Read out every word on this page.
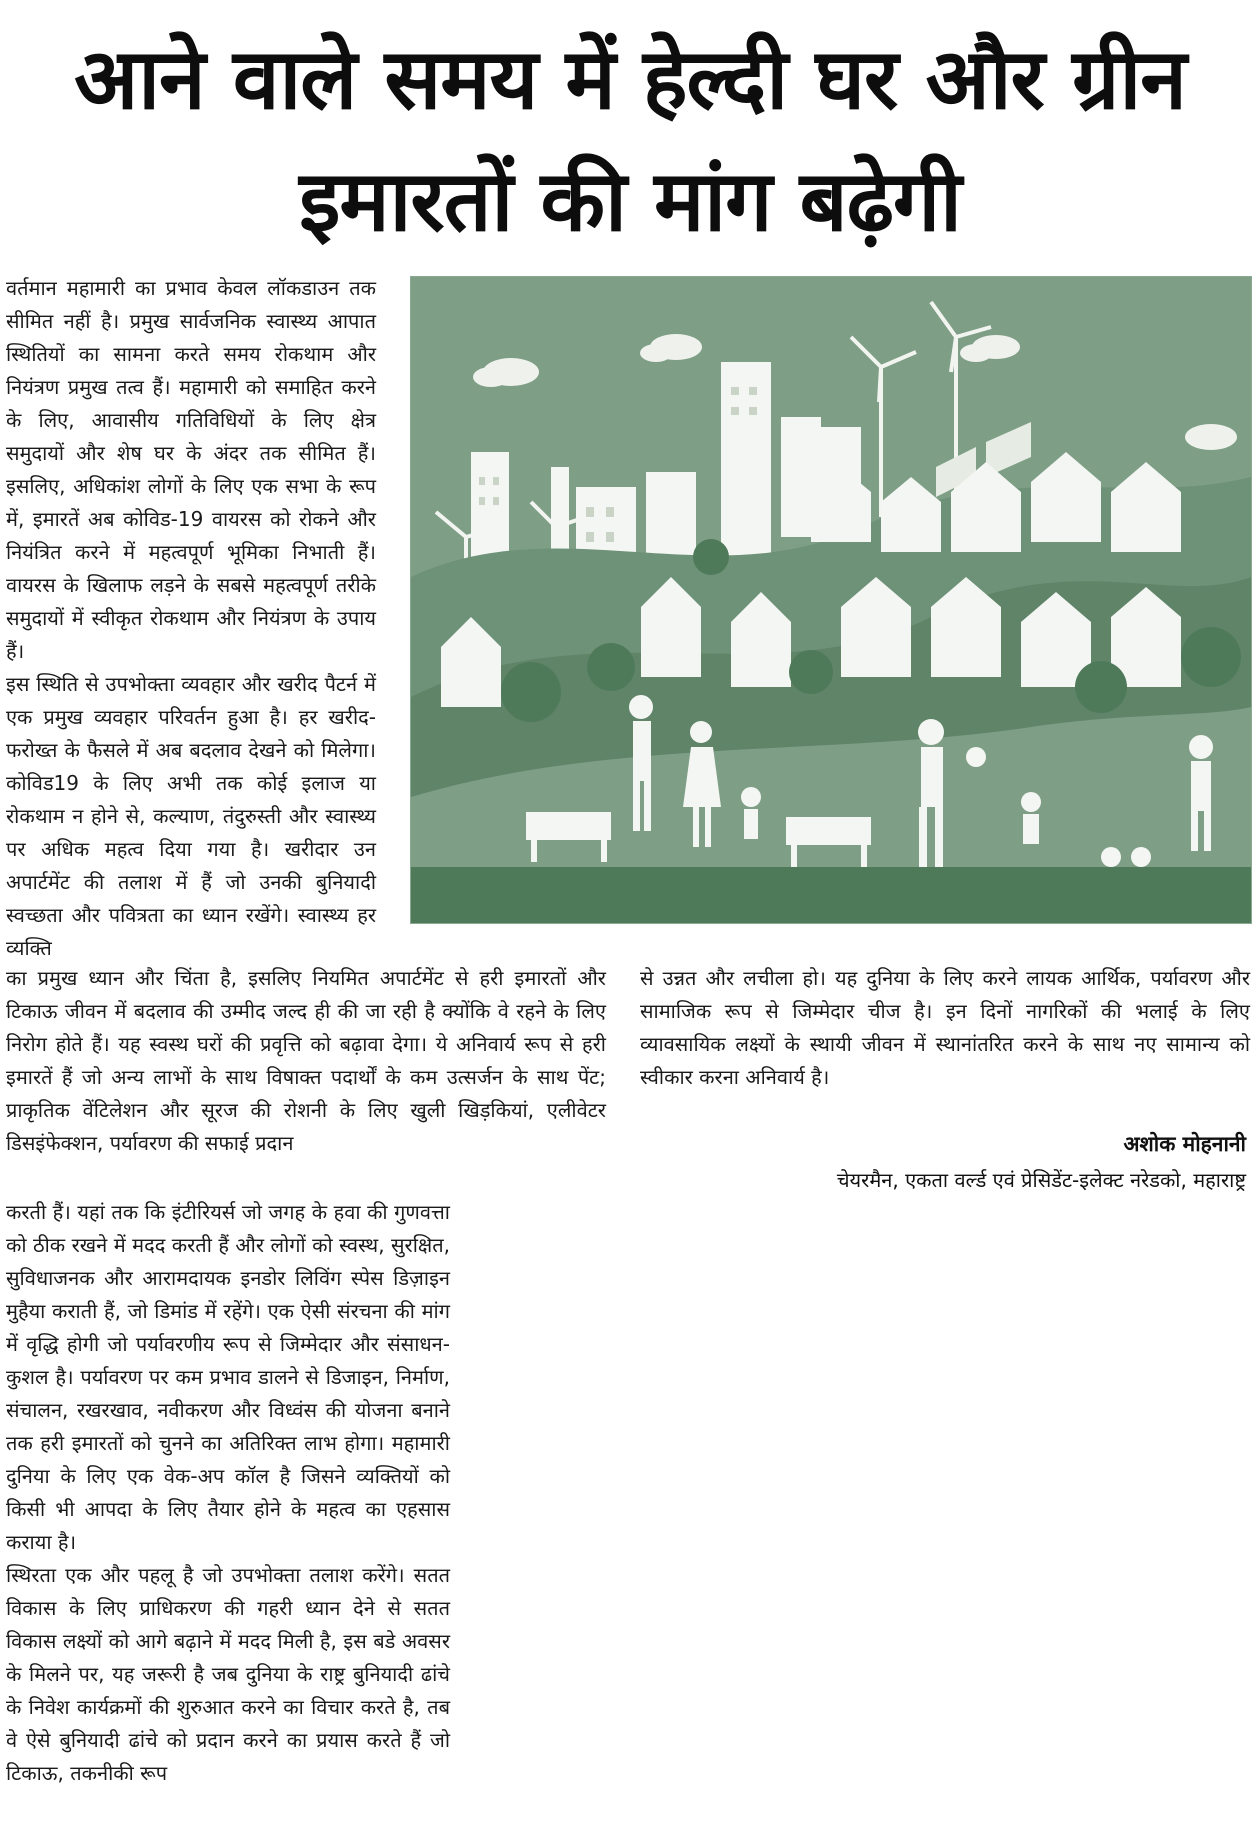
आने वाले समय में हेल्दी घर और ग्रीन
इमारतों की मांग बढ़ेगी

वर्तमान महामारी का प्रभाव केवल लॉकडाउन तक सीमित नहीं है। प्रमुख सार्वजनिक स्वास्थ्य आपात स्थितियों का सामना करते समय रोकथाम और नियंत्रण प्रमुख तत्व हैं। महामारी को समाहित करने के लिए, आवासीय गतिविधियों के लिए क्षेत्र समुदायों और शेष घर के अंदर तक सीमित हैं। इसलिए, अधिकांश लोगों के लिए एक सभा के रूप में, इमारतें अब कोविड-19 वायरस को रोकने और नियंत्रित करने में महत्वपूर्ण भूमिका निभाती हैं। वायरस के खिलाफ लड़ने के सबसे महत्वपूर्ण तरीके समुदायों में स्वीकृत रोकथाम और नियंत्रण के उपाय हैं।

इस स्थिति से उपभोक्ता व्यवहार और खरीद पैटर्न में एक प्रमुख व्यवहार परिवर्तन हुआ है। हर खरीद-फरोख्त के फैसले में अब बदलाव देखने को मिलेगा। कोविड19 के लिए अभी तक कोई इलाज या रोकथाम न होने से, कल्याण, तंदुरुस्ती और स्वास्थ्य पर अधिक महत्व दिया गया है। खरीदार उन अपार्टमेंट की तलाश में हैं जो उनकी बुनियादी स्वच्छता और पवित्रता का ध्यान रखेंगे। स्वास्थ्य हर व्यक्ति

का प्रमुख ध्यान और चिंता है, इसलिए नियमित अपार्टमेंट से हरी इमारतों और टिकाऊ जीवन में बदलाव की उम्मीद जल्द ही की जा रही है क्योंकि वे रहने के लिए निरोग होते हैं। यह स्वस्थ घरों की प्रवृत्ति को बढ़ावा देगा। ये अनिवार्य रूप से हरी इमारतें हैं जो अन्य लाभों के साथ विषाक्त पदार्थों के कम उत्सर्जन के साथ पेंट; प्राकृतिक वेंटिलेशन और सूरज की रोशनी के लिए खुली खिड़कियां, एलीवेटर डिसइंफेक्शन, पर्यावरण की सफाई प्रदान

करती हैं। यहां तक कि इंटीरियर्स जो जगह के हवा की गुणवत्ता को ठीक रखने में मदद करती हैं और लोगों को स्वस्थ, सुरक्षित, सुविधाजनक और आरामदायक इनडोर लिविंग स्पेस डिज़ाइन मुहैया कराती हैं, जो डिमांड में रहेंगे। एक ऐसी संरचना की मांग में वृद्धि होगी जो पर्यावरणीय रूप से जिम्मेदार और संसाधन-कुशल है। पर्यावरण पर कम प्रभाव डालने से डिजाइन, निर्माण, संचालन, रखरखाव, नवीकरण और विध्वंस की योजना बनाने तक हरी इमारतों को चुनने का अतिरिक्त लाभ होगा। महामारी दुनिया के लिए एक वेक-अप कॉल है जिसने व्यक्तियों को किसी भी आपदा के लिए तैयार होने के महत्व का एहसास कराया है।

स्थिरता एक और पहलू है जो उपभोक्ता तलाश करेंगे। सतत विकास के लिए प्राधिकरण की गहरी ध्यान देने से सतत विकास लक्ष्यों को आगे बढ़ाने में मदद मिली है, इस बडे अवसर के मिलने पर, यह जरूरी है जब दुनिया के राष्ट्र बुनियादी ढांचे के निवेश कार्यक्रमों की शुरुआत करने का विचार करते है, तब वे ऐसे बुनियादी ढांचे को प्रदान करने का प्रयास करते हैं जो टिकाऊ, तकनीकी रूप

से उन्नत और लचीला हो। यह दुनिया के लिए करने लायक आर्थिक, पर्यावरण और सामाजिक रूप से जिम्मेदार चीज है। इन दिनों नागरिकों की भलाई के लिए व्यावसायिक लक्ष्यों के स्थायी जीवन में स्थानांतरित करने के साथ नए सामान्य को स्वीकार करना अनिवार्य है।

अशोक मोहनानी
चेयरमैन, एकता वर्ल्ड एवं प्रेसिडेंट-इलेक्ट नरेडको, महाराष्ट्र
